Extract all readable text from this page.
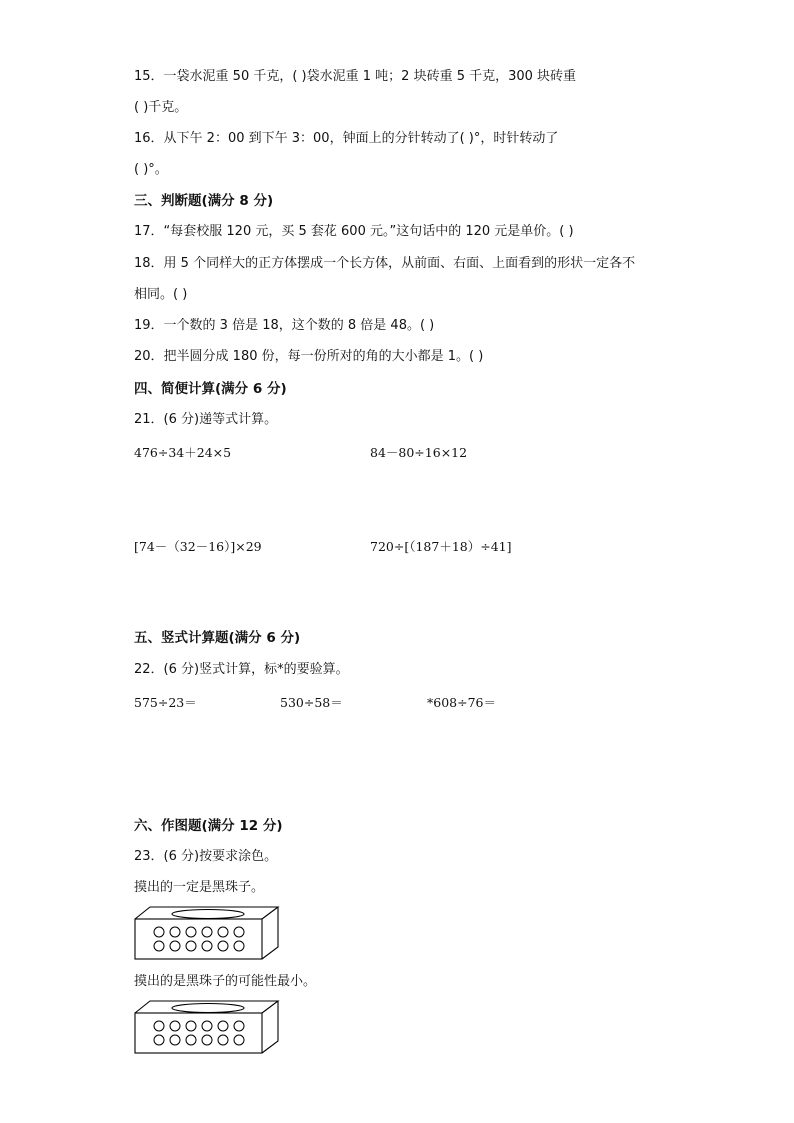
15．一袋水泥重 50 千克，( )袋水泥重 1 吨；2 块砖重 5 千克，300 块砖重
( )千克。
16．从下午 2：00 到下午 3：00，钟面上的分针转动了( )°，时针转动了
( )°。
三、判断题(满分 8 分)
17．“每套校服 120 元，买 5 套花 600 元。”这句话中的 120 元是单价。( )
18．用 5 个同样大的正方体摆成一个长方体，从前面、右面、上面看到的形状一定各不
相同。( )
19．一个数的 3 倍是 18，这个数的 8 倍是 48。( )
20．把半圆分成 180 份，每一份所对的角的大小都是 1。( )
四、简便计算(满分 6 分)
21．(6 分)递等式计算。
476÷34＋24×5	84－80÷16×12
[74－（32－16）]×29	720÷[（187＋18）÷41]
五、竖式计算题(满分 6 分)
22．(6 分)竖式计算，标*的要验算。
575÷23＝	530÷58＝	*608÷76＝
六、作图题(满分 12 分)
23．(6 分)按要求涂色。
摸出的一定是黑珠子。
摸出的是黑珠子的可能性最小。
